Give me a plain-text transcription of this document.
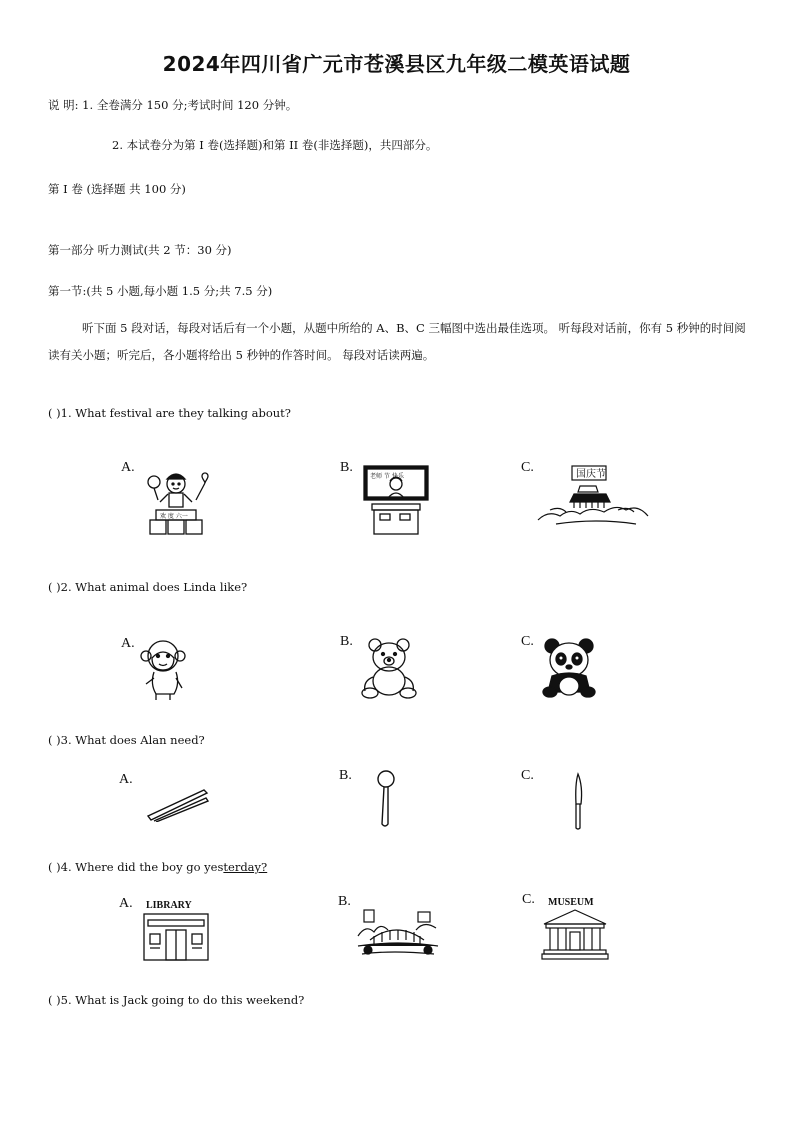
2024年四川省广元市苍溪县区九年级二模英语试题
说 明: 1. 全卷满分 150 分;考试时间 120 分钟。
2. 本试卷分为第 I 卷(选择题)和第 II 卷(非选择题)，共四部分。
第 I 卷 (选择题 共 100 分)
第一部分 听力测试(共 2 节：30 分)
第一节:(共 5 小题,每小题 1.5 分;共 7.5 分)
听下面 5 段对话，每段对话后有一个小题，从题中所给的 A、B、C 三幅图中选出最佳选项。 听每段对话前，你有 5 秒钟的时间阅读有关小题；听完后，各小题将给出 5 秒钟的作答时间。 每段对话读两遍。
( )1. What festival are they talking about?
A.	B.	C.
欢 度 六一
老师 节 快乐	国庆节
( )2. What animal does Linda like?
A.	B.	C.
( )3. What does Alan need?
A.	B.	C.
( )4. Where did the boy go yesterday?
A.	B.	C.
LIBRARY	MUSEUM
( )5. What is Jack going to do this weekend?
